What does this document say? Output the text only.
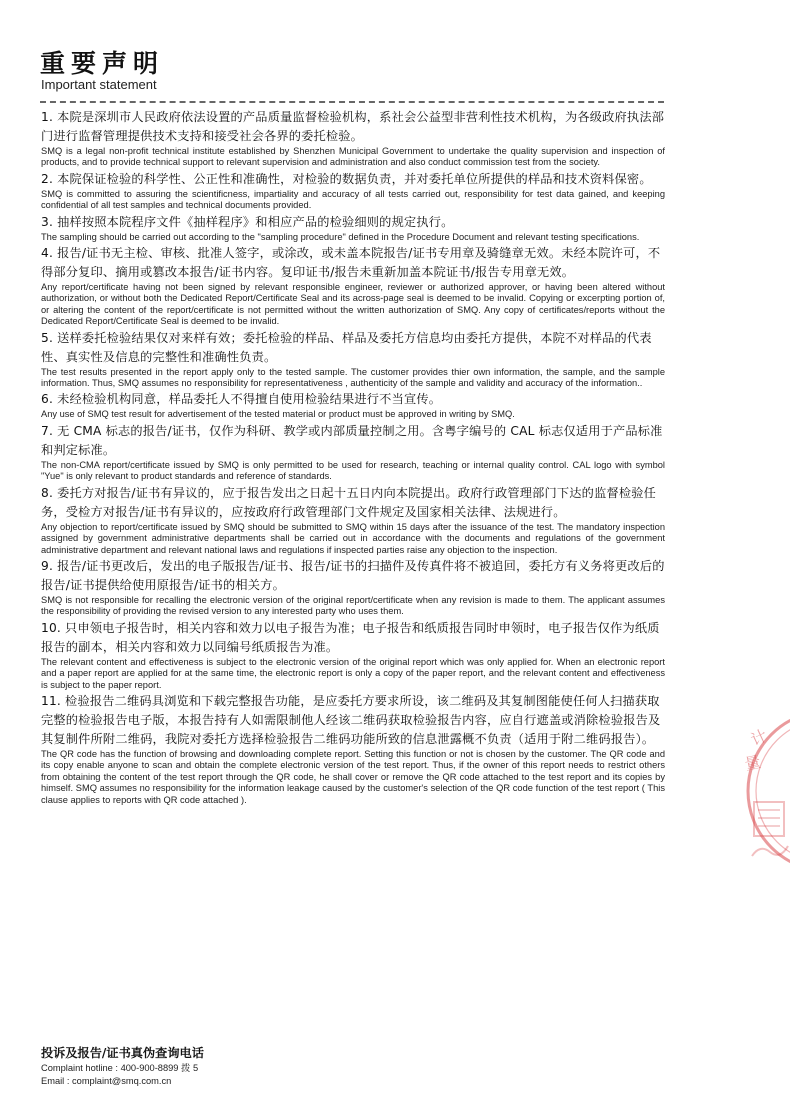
重要声明
Important statement

1. 本院是深圳市人民政府依法设置的产品质量监督检验机构，系社会公益型非营利性技术机构，为各级政府执法部门进行监督管理提供技术支持和接受社会各界的委托检验。

SMQ is a legal non-profit technical institute established by Shenzhen Municipal Government to undertake the quality supervision and inspection of products, and to provide technical support to relevant supervision and administration and also conduct commission test from the society.

2. 本院保证检验的科学性、公正性和准确性，对检验的数据负责，并对委托单位所提供的样品和技术资料保密。

SMQ is committed to assuring the scientificness, impartiality and accuracy of all tests carried out, responsibility for test data gained, and keeping confidential of all test samples and technical documents provided.

3. 抽样按照本院程序文件《抽样程序》和相应产品的检验细则的规定执行。

The sampling should be carried out according to the "sampling procedure" defined in the Procedure Document and relevant testing specifications.

4. 报告/证书无主检、审核、批准人签字，或涂改，或未盖本院报告/证书专用章及骑缝章无效。未经本院许可，不得部分复印、摘用或篡改本报告/证书内容。复印证书/报告未重新加盖本院证书/报告专用章无效。

Any report/certificate having not been signed by relevant responsible engineer, reviewer or authorized approver, or having been altered without authorization, or without both the Dedicated Report/Certificate Seal and its across-page seal is deemed to be invalid. Copying or excerpting portion of, or altering the content of the report/certificate is not permitted without the written authorization of SMQ. Any copy of certificates/reports without the Dedicated Report/Certificate Seal is deemed to be invalid.

5. 送样委托检验结果仅对来样有效；委托检验的样品、样品及委托方信息均由委托方提供，本院不对样品的代表性、真实性及信息的完整性和准确性负责。

The test results presented in the report apply only to the tested sample. The customer provides thier own information, the sample, and the sample information. Thus, SMQ assumes no responsibility for representativeness , authenticity of the sample and validity and accuracy of the information..

6. 未经检验机构同意，样品委托人不得擅自使用检验结果进行不当宣传。

Any use of SMQ test result for advertisement of the tested material or product must be approved in writing by SMQ.

7. 无 CMA 标志的报告/证书，仅作为科研、教学或内部质量控制之用。含粤字编号的 CAL 标志仅适用于产品标准和判定标准。

The non-CMA report/certificate issued by SMQ is only permitted to be used for research, teaching or internal quality control. CAL logo with symbol "Yue" is only relevant to product standards and reference of standards.

8. 委托方对报告/证书有异议的，应于报告发出之日起十五日内向本院提出。政府行政管理部门下达的监督检验任务，受检方对报告/证书有异议的，应按政府行政管理部门文件规定及国家相关法律、法规进行。

Any objection to report/certificate issued by SMQ should be submitted to SMQ within 15 days after the issuance of the test. The mandatory inspection assigned by government administrative departments shall be carried out in accordance with the documents and regulations of the government administrative department and relevant national laws and regulations if inspected parties raise any objection to the inspection.

9. 报告/证书更改后，发出的电子版报告/证书、报告/证书的扫描件及传真件将不被追回，委托方有义务将更改后的报告/证书提供给使用原报告/证书的相关方。

SMQ is not responsible for recalling the electronic version of the original report/certificate when any revision is made to them. The applicant assumes the responsibility of providing the revised version to any interested party who uses them.

10. 只申领电子报告时，相关内容和效力以电子报告为准；电子报告和纸质报告同时申领时，电子报告仅作为纸质报告的副本，相关内容和效力以同编号纸质报告为准。

The relevant content and effectiveness is subject to the electronic version of the original report which was only applied for. When an electronic report and a paper report are applied for at the same time, the electronic report is only a copy of the paper report, and the relevant content and effectiveness is subject to the paper report.

11. 检验报告二维码具浏览和下载完整报告功能，是应委托方要求所设，该二维码及其复制图能使任何人扫描获取完整的检验报告电子版，本报告持有人如需限制他人经该二维码获取检验报告内容，应自行遮盖或消除检验报告及其复制件所附二维码，我院对委托方选择检验报告二维码功能所致的信息泄露概不负责（适用于附二维码报告）。

The QR code has the function of browsing and downloading complete report. Setting this function or not is chosen by the customer. The QR code and its copy enable anyone to scan and obtain the complete electronic version of the test report. Thus, if the owner of this report needs to restrict others from obtaining the content of the test report through the QR code, he shall cover or remove the QR code attached to the test report and its copies by himself. SMQ assumes no responsibility for the information leakage caused by the customer's selection of the QR code function of the test report ( This clause applies to reports with QR code attached ).

投诉及报告/证书真伪查询电话

Complaint hotline : 400-900-8899 拨 5

Email : complaint@smq.com.cn

计
量
